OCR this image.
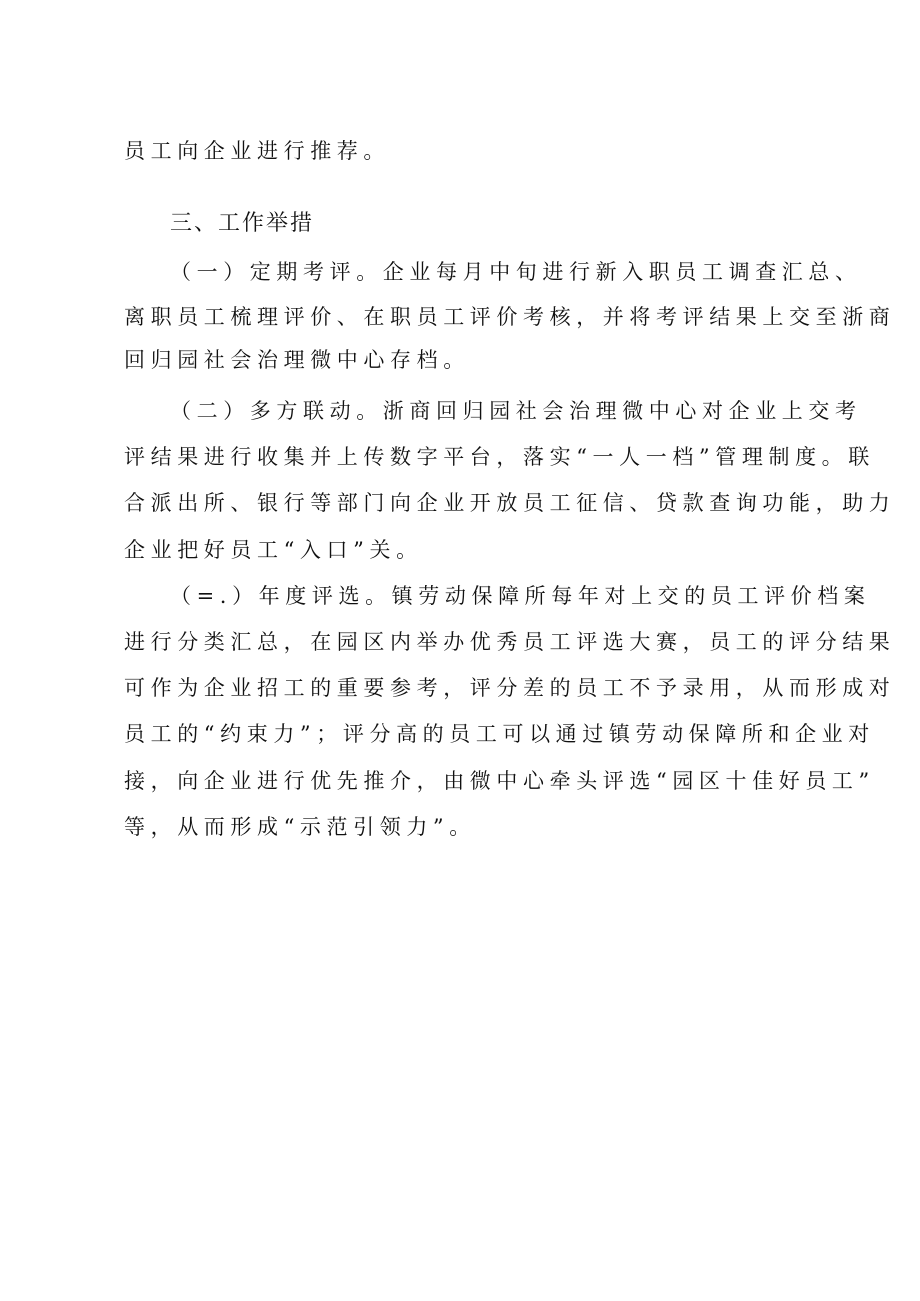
员工向企业进行推荐。
三、工作举措
（一）定期考评。企业每月中旬进行新入职员工调查汇总、
离职员工梳理评价、在职员工评价考核，并将考评结果上交至浙商
回归园社会治理微中心存档。
（二）多方联动。浙商回归园社会治理微中心对企业上交考
评结果进行收集并上传数字平台，落实“一人一档”管理制度。联
合派出所、银行等部门向企业开放员工征信、贷款查询功能，助力
企业把好员工“入口”关。
（=.）年度评选。镇劳动保障所每年对上交的员工评价档案
进行分类汇总，在园区内举办优秀员工评选大赛，员工的评分结果
可作为企业招工的重要参考，评分差的员工不予录用，从而形成对
员工的“约束力”；评分高的员工可以通过镇劳动保障所和企业对
接，向企业进行优先推介，由微中心牵头评选“园区十佳好员工”
等，从而形成“示范引领力”。
